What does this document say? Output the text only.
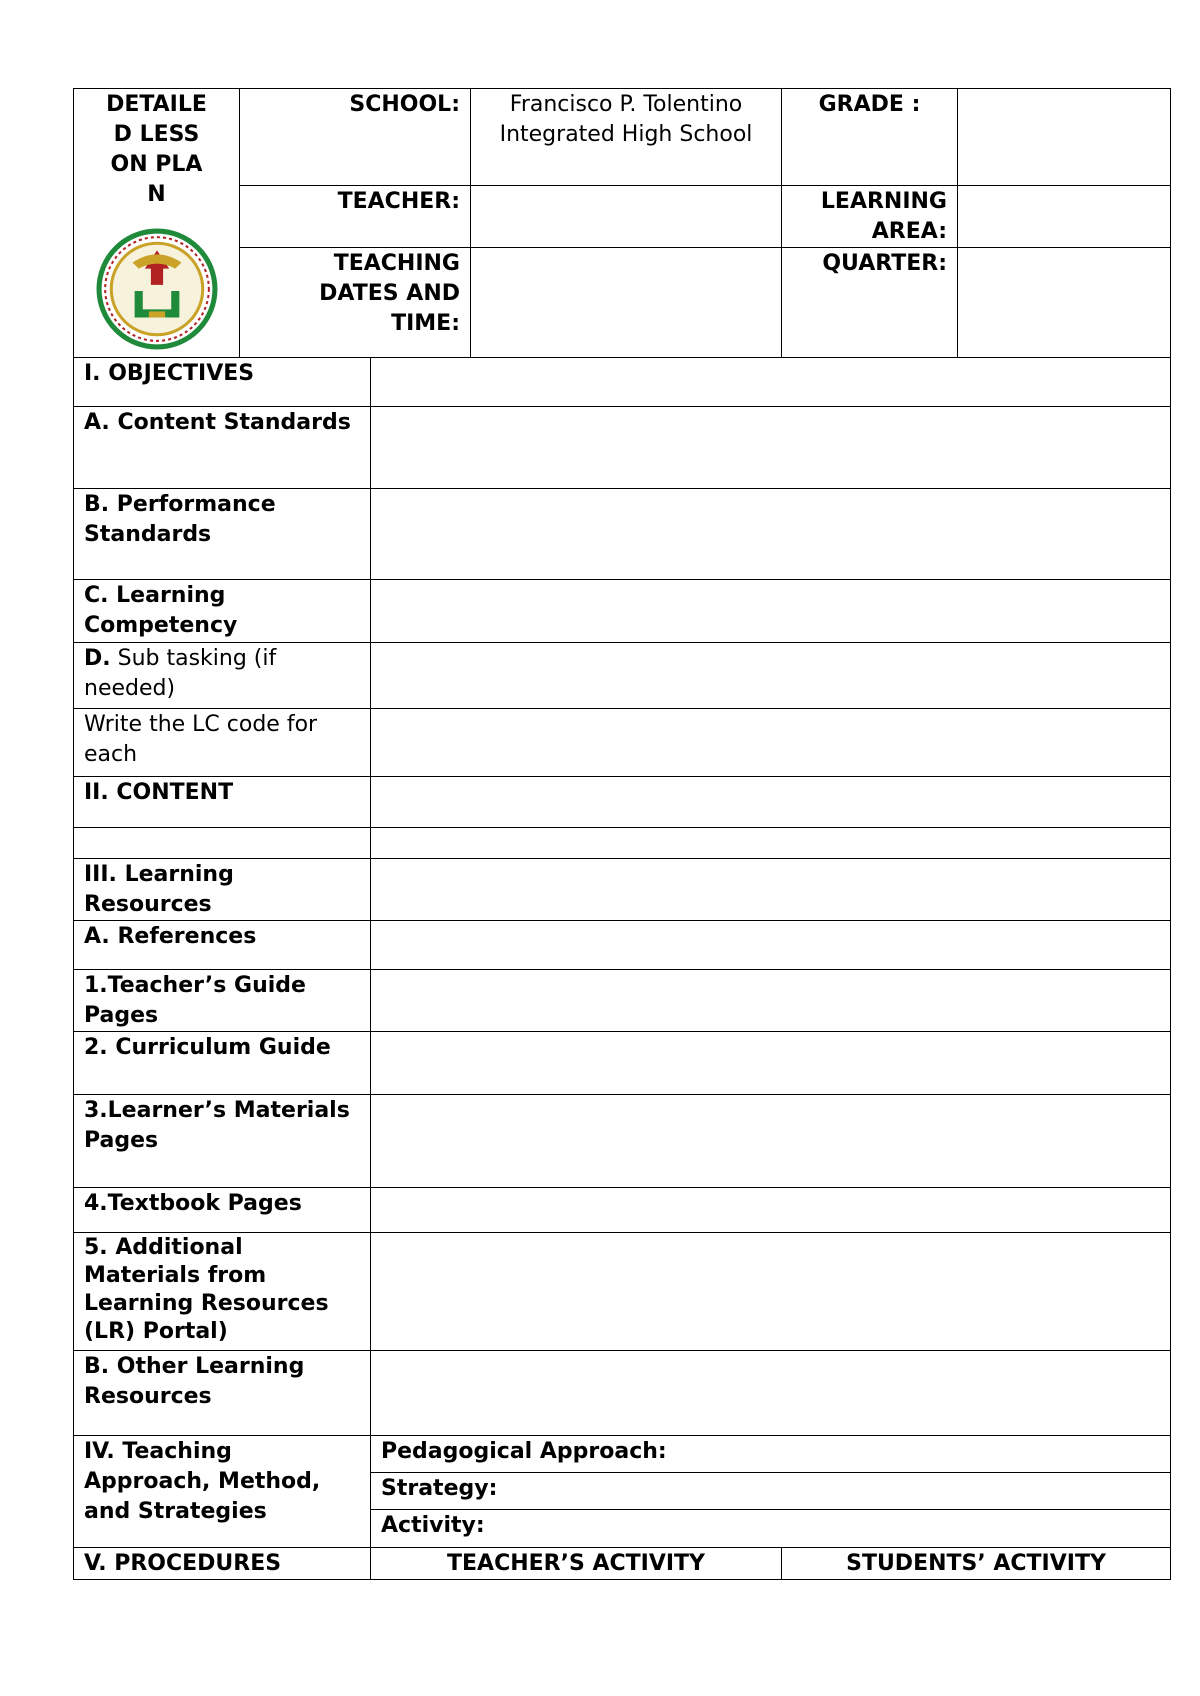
DETAILED LESSON PLAN	SCHOOL:	Francisco P. Tolentino Integrated High School	GRADE :	
	TEACHER:		LEARNING AREA:	
	TEACHING DATES AND TIME:		QUARTER:	
I. OBJECTIVES		
A. Content Standards		
B. Performance Standards		
C. Learning Competency		
D. Sub tasking (if needed)		
Write the LC code for each		
II. CONTENT		

III. Learning Resources		
A. References		
1.Teacher’s Guide Pages		
2. Curriculum Guide		
3.Learner’s Materials Pages		
4.Textbook Pages		
5. Additional Materials from Learning Resources (LR) Portal)		
B. Other Learning Resources		
IV. Teaching Approach, Method, and Strategies	Pedagogical Approach:	
	Strategy:	
	Activity:	
V. PROCEDURES	TEACHER’S ACTIVITY	STUDENTS’ ACTIVITY
